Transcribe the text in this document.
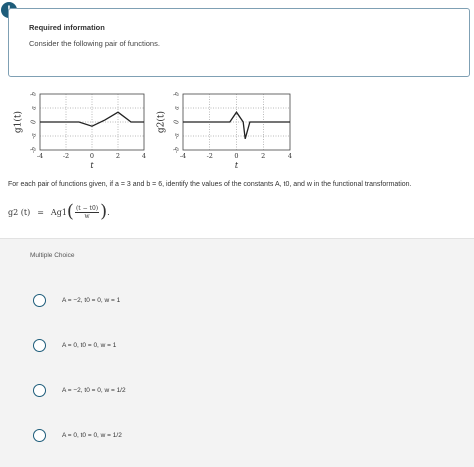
Required information
Consider the following pair of functions.
-4	-2	0	2	4
b
a
0
-a
-b
g1(t)
t
-4	-2	0	2	4
b
a
0
-a
-b
g2(t)
t
For each pair of functions given, if a = 3 and b = 6, identify the values of the constants A, t0, and w in the functional transformation.
g2 (t) = Ag1 ( $\frac{(t - t0)}{w}$ ) .
Multiple Choice
A = −2, t0 = 0, w = 1
A = 0, t0 = 0, w = 1
A = −2, t0 = 0, w = 1/2
A = 0, t0 = 0, w = 1/2
